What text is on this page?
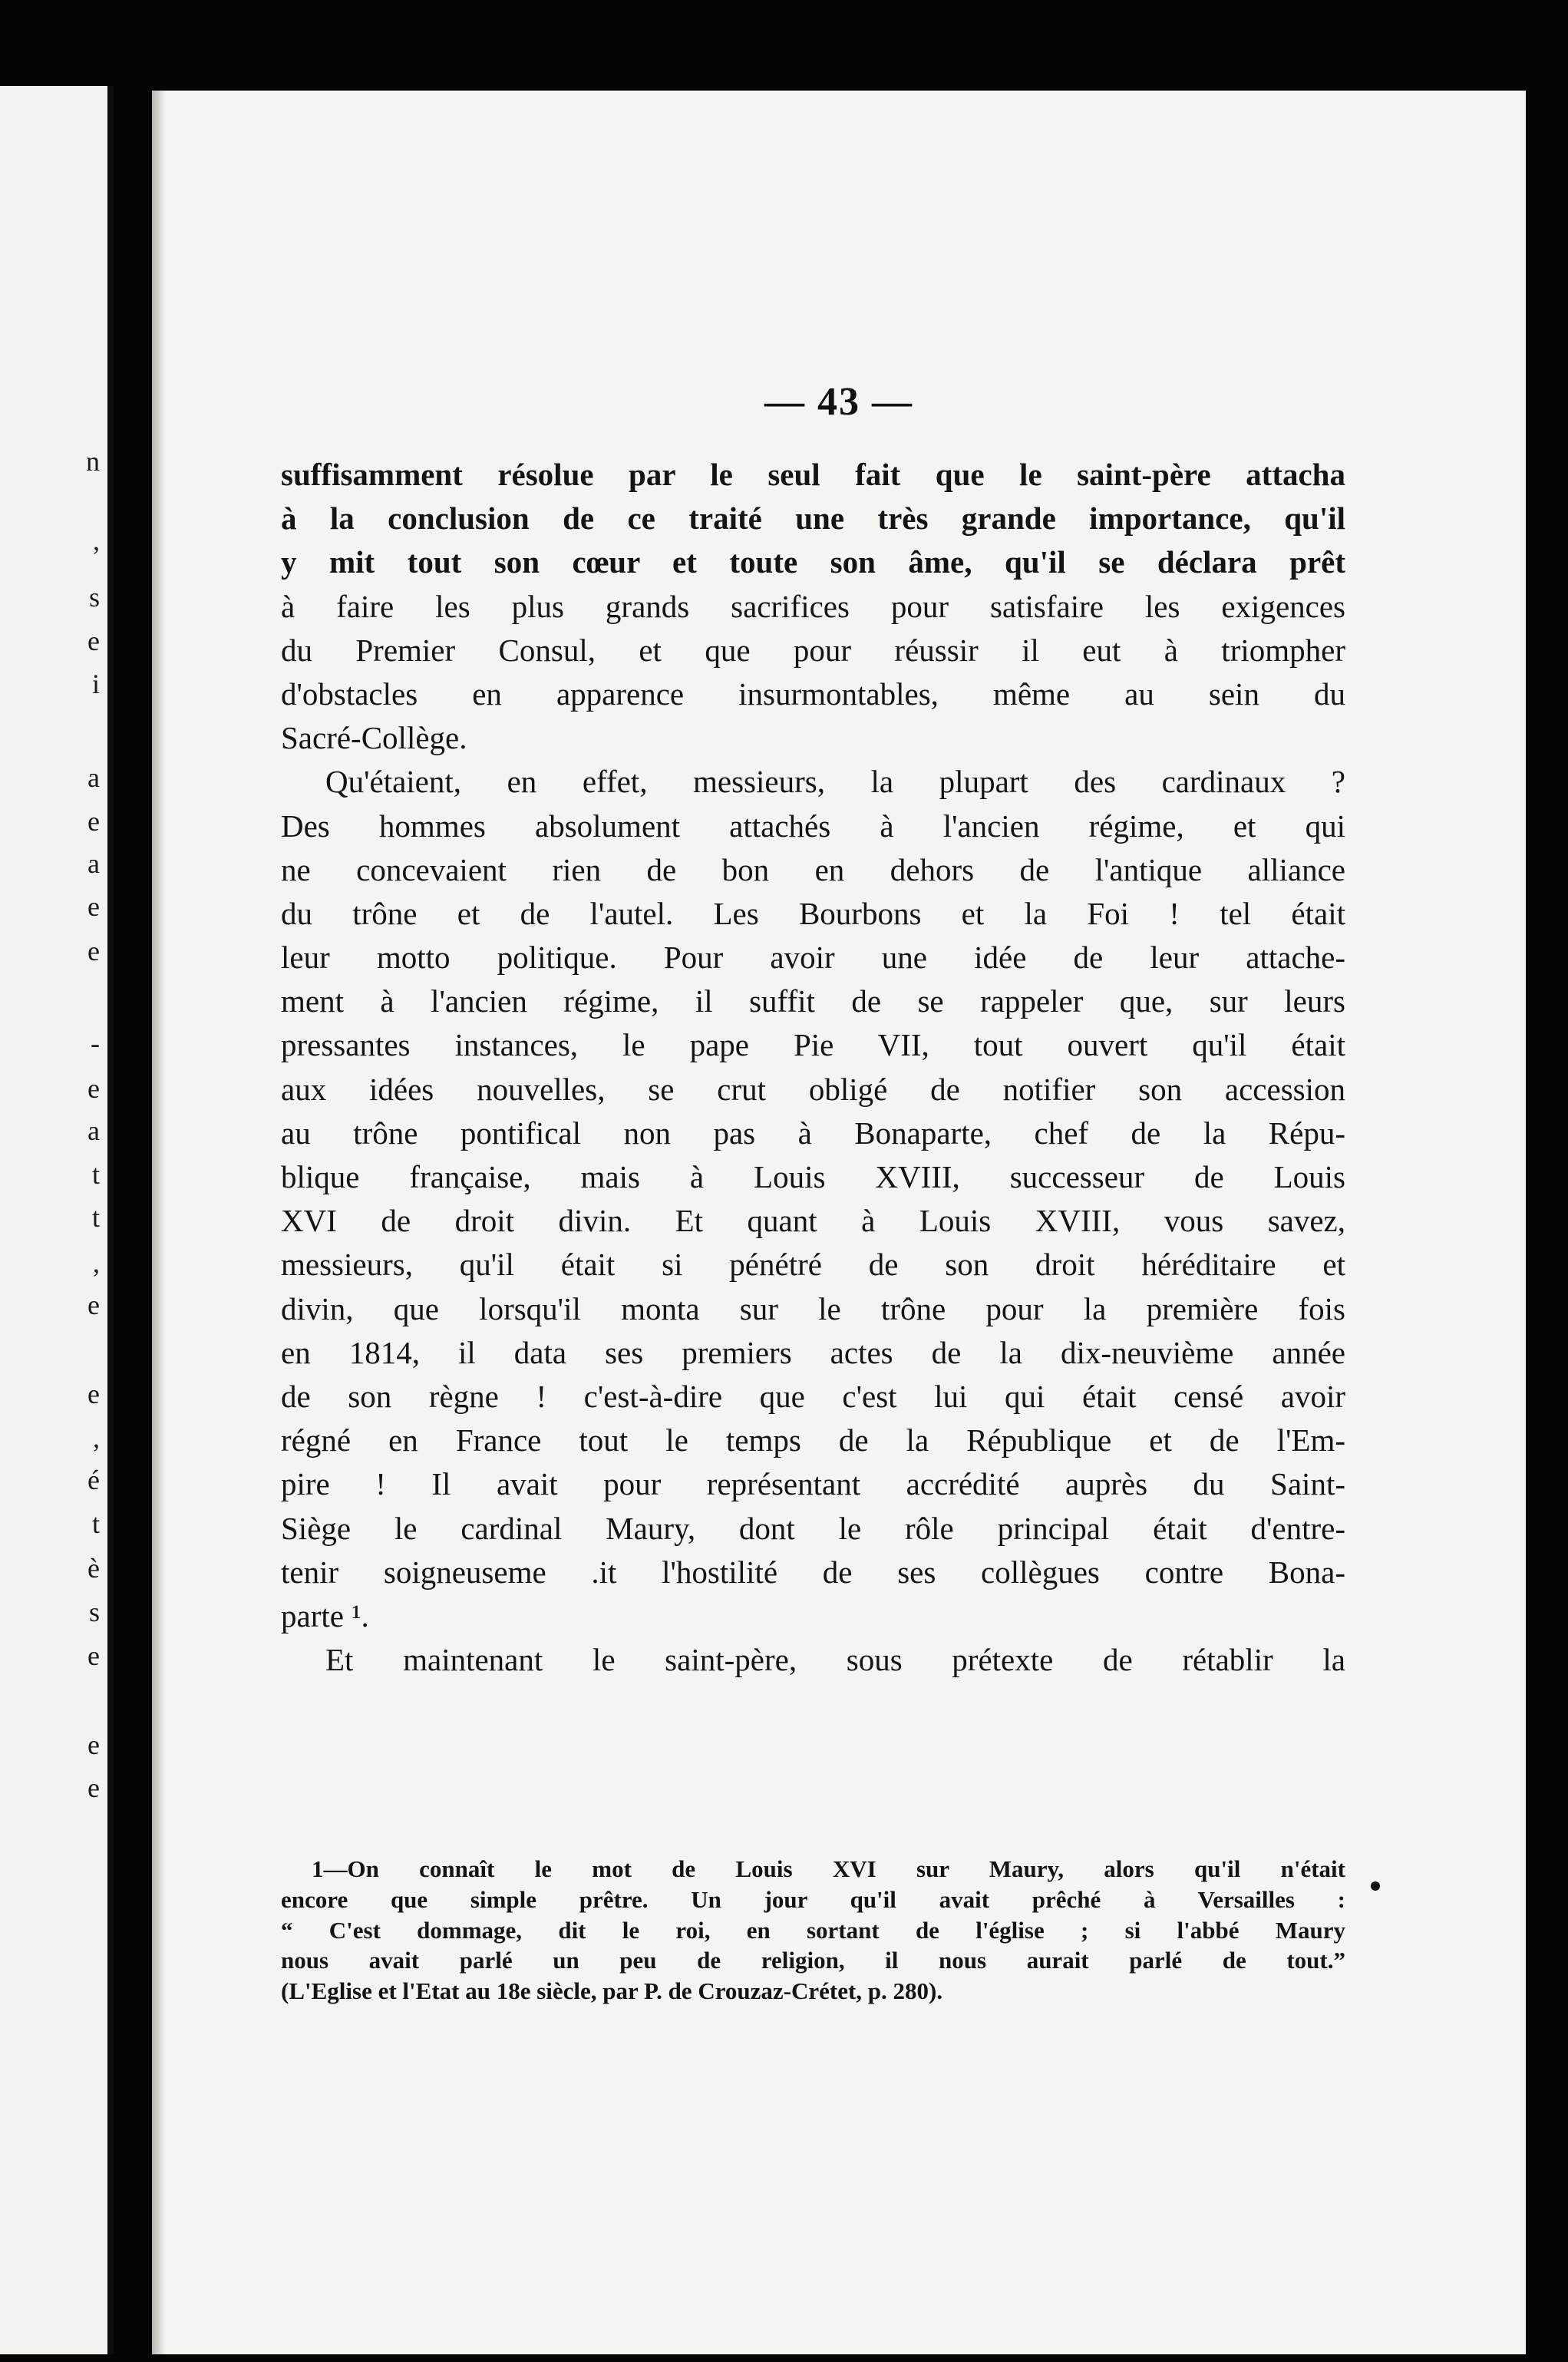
n
,
s
e
i
a
e
a
e
e
-
e
a
t
t
,
e
e
,
é
t
è
s
e
e
e
— 43 —
suffisamment résolue par le seul fait que le saint-père attacha
à la conclusion de ce traité une très grande importance, qu'il
y mit tout son cœur et toute son âme, qu'il se déclara prêt
à faire les plus grands sacrifices pour satisfaire les exigences
du Premier Consul, et que pour réussir il eut à triompher
d'obstacles en apparence insurmontables, même au sein du
Sacré-Collège.
Qu'étaient, en effet, messieurs, la plupart des cardinaux ?
Des hommes absolument attachés à l'ancien régime, et qui
ne concevaient rien de bon en dehors de l'antique alliance
du trône et de l'autel. Les Bourbons et la Foi ! tel était
leur motto politique. Pour avoir une idée de leur attache-
ment à l'ancien régime, il suffit de se rappeler que, sur leurs
pressantes instances, le pape Pie VII, tout ouvert qu'il était
aux idées nouvelles, se crut obligé de notifier son accession
au trône pontifical non pas à Bonaparte, chef de la Répu-
blique française, mais à Louis XVIII, successeur de Louis
XVI de droit divin. Et quant à Louis XVIII, vous savez,
messieurs, qu'il était si pénétré de son droit héréditaire et
divin, que lorsqu'il monta sur le trône pour la première fois
en 1814, il data ses premiers actes de la dix-neuvième année
de son règne ! c'est-à-dire que c'est lui qui était censé avoir
régné en France tout le temps de la République et de l'Em-
pire ! Il avait pour représentant accrédité auprès du Saint-
Siège le cardinal Maury, dont le rôle principal était d'entre-
tenir soigneuseme .it l'hostilité de ses collègues contre Bona-
parte ¹.
Et maintenant le saint-père, sous prétexte de rétablir la
1—On connaît le mot de Louis XVI sur Maury, alors qu'il n'était
encore que simple prêtre. Un jour qu'il avait prêché à Versailles :
“ C'est dommage, dit le roi, en sortant de l'église ; si l'abbé Maury
nous avait parlé un peu de religion, il nous aurait parlé de tout.”
(L'Eglise et l'Etat au 18e siècle, par P. de Crouzaz-Crétet, p. 280).
